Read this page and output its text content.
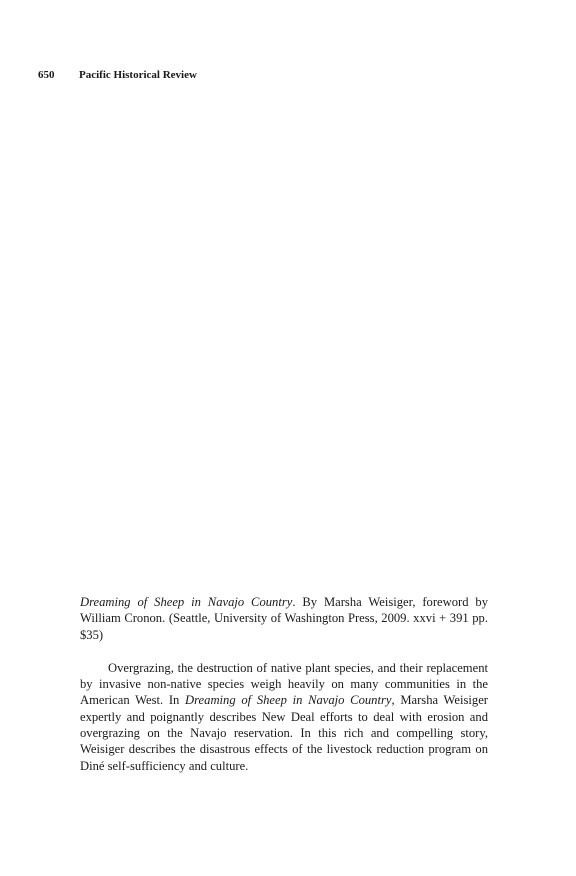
650 Pacific Historical Review

Dreaming of Sheep in Navajo Country. By Marsha Weisiger, foreword by William Cronon. (Seattle, University of Washington Press, 2009. xxvi + 391 pp. $35)

Overgrazing, the destruction of native plant species, and their replacement by invasive non-native species weigh heavily on many communities in the American West. In Dreaming of Sheep in Navajo Country, Marsha Weisiger expertly and poignantly describes New Deal efforts to deal with erosion and overgrazing on the Navajo reservation. In this rich and compelling story, Weisiger describes the disastrous effects of the livestock reduction program on Diné self-sufficiency and culture.
